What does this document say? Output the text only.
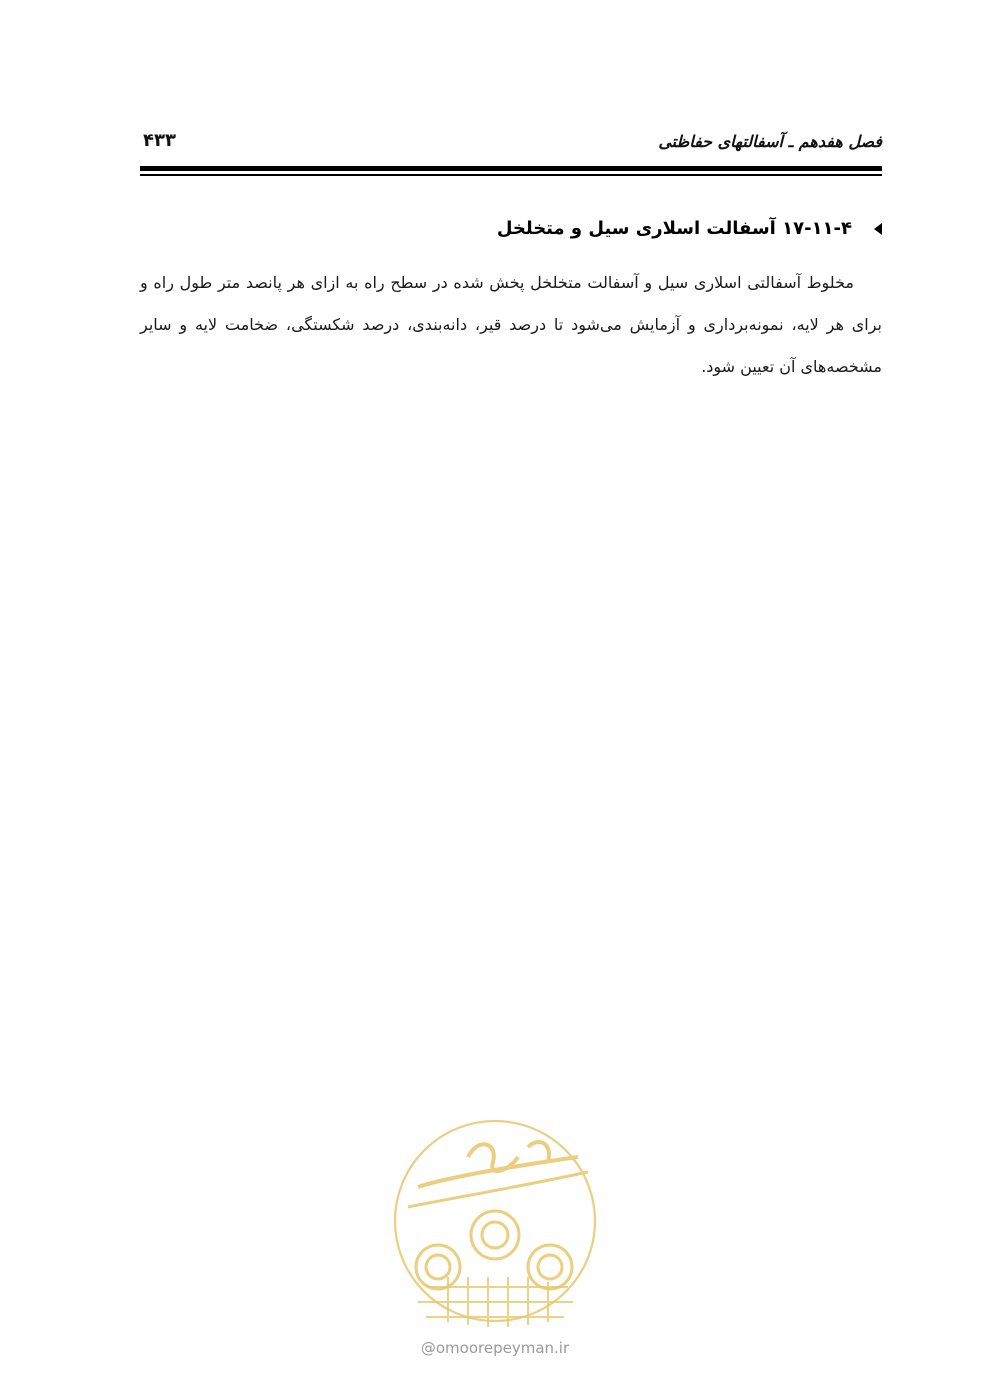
فصل هفدهم ـ آسفالتهای حفاظتی
۴۳۳
۱۷-۱۱-۴ آسفالت اسلاری سیل و متخلخل
مخلوط آسفالتی اسلاری سیل و آسفالت متخلخل پخش شده در سطح راه به ازای هر پانصد متر طول راه و برای هر لایه، نمونه‌برداری و آزمایش می‌شود تا درصد قیر، دانه‌بندی، درصد شکستگی، ضخامت لایه و سایر مشخصه‌های آن تعیین شود.
@omoorepeyman.ir
